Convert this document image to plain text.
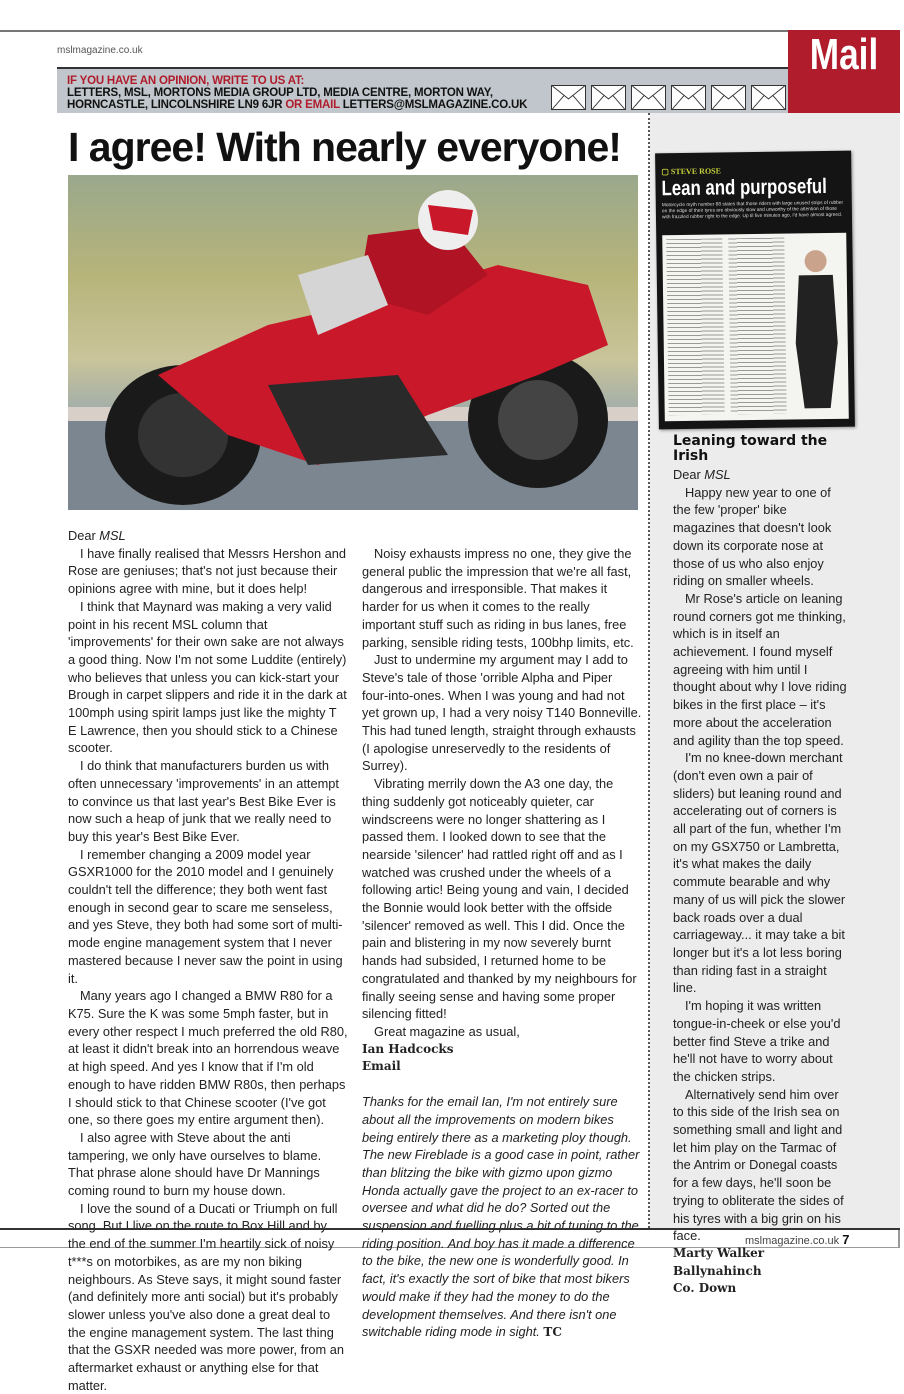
mslmagazine.co.uk
IF YOU HAVE AN OPINION, WRITE TO US AT:
LETTERS, MSL, MORTONS MEDIA GROUP LTD, MEDIA CENTRE, MORTON WAY,
HORNCASTLE, LINCOLNSHIRE LN9 6JR OR EMAIL LETTERS@MSLMAGAZINE.CO.UK
Mail
I agree! With nearly everyone!

Dear MSL

I have finally realised that Messrs Hershon and Rose are geniuses; that's not just because their opinions agree with mine, but it does help!

I think that Maynard was making a very valid point in his recent MSL column that 'improvements' for their own sake are not always a good thing. Now I'm not some Luddite (entirely) who believes that unless you can kick-start your Brough in carpet slippers and ride it in the dark at 100mph using spirit lamps just like the mighty T E Lawrence, then you should stick to a Chinese scooter.

I do think that manufacturers burden us with often unnecessary 'improvements' in an attempt to convince us that last year's Best Bike Ever is now such a heap of junk that we really need to buy this year's Best Bike Ever.

I remember changing a 2009 model year GSXR1000 for the 2010 model and I genuinely couldn't tell the difference; they both went fast enough in second gear to scare me senseless, and yes Steve, they both had some sort of multi-mode engine management system that I never mastered because I never saw the point in using it.

Many years ago I changed a BMW R80 for a K75. Sure the K was some 5mph faster, but in every other respect I much preferred the old R80, at least it didn't break into an horrendous weave at high speed. And yes I know that if I'm old enough to have ridden BMW R80s, then perhaps I should stick to that Chinese scooter (I've got one, so there goes my entire argument then).

I also agree with Steve about the anti tampering, we only have ourselves to blame. That phrase alone should have Dr Mannings coming round to burn my house down.

I love the sound of a Ducati or Triumph on full song. But I live on the route to Box Hill and by the end of the summer I'm heartily sick of noisy t***s on motorbikes, as are my non biking neighbours. As Steve says, it might sound faster (and definitely more anti social) but it's probably slower unless you've also done a great deal to the engine management system. The last thing that the GSXR needed was more power, from an aftermarket exhaust or anything else for that matter.

Noisy exhausts impress no one, they give the general public the impression that we're all fast, dangerous and irresponsible. That makes it harder for us when it comes to the really important stuff such as riding in bus lanes, free parking, sensible riding tests, 100bhp limits, etc.

Just to undermine my argument may I add to Steve's tale of those 'orrible Alpha and Piper four-into-ones. When I was young and had not yet grown up, I had a very noisy T140 Bonneville. This had tuned length, straight through exhausts (I apologise unreservedly to the residents of Surrey).

Vibrating merrily down the A3 one day, the thing suddenly got noticeably quieter, car windscreens were no longer shattering as I passed them. I looked down to see that the nearside 'silencer' had rattled right off and as I watched was crushed under the wheels of a following artic! Being young and vain, I decided the Bonnie would look better with the offside 'silencer' removed as well. This I did. Once the pain and blistering in my now severely burnt hands had subsided, I returned home to be congratulated and thanked by my neighbours for finally seeing sense and having some proper silencing fitted!

Great magazine as usual,

Ian Hadcocks
Email

Thanks for the email Ian, I'm not entirely sure about all the improvements on modern bikes being entirely there as a marketing ploy though. The new Fireblade is a good case in point, rather than blitzing the bike with gizmo upon gizmo Honda actually gave the project to an ex-racer to oversee and what did he do? Sorted out the suspension and fuelling plus a bit of tuning to the riding position. And boy has it made a difference to the bike, the new one is wonderfully good. In fact, it's exactly the sort of bike that most bikers would make if they had the money to do the development themselves. And there isn't one switchable riding mode in sight. TC

▢ STEVE ROSE
Lean and purposeful
Motorcycle myth number 88 states that those riders with large unused strips of rubber on the edge of their tyres are obviously slow and unworthy of the attention of those with frazzled rubber right to the edge. Up til five minutes ago, I'd have almost agreed.
Leaning toward the Irish

Dear MSL

Happy new year to one of the few 'proper' bike magazines that doesn't look down its corporate nose at those of us who also enjoy riding on smaller wheels.

Mr Rose's article on leaning round corners got me thinking, which is in itself an achievement. I found myself agreeing with him until I thought about why I love riding bikes in the first place – it's more about the acceleration and agility than the top speed.

I'm no knee-down merchant (don't even own a pair of sliders) but leaning round and accelerating out of corners is all part of the fun, whether I'm on my GSX750 or Lambretta, it's what makes the daily commute bearable and why many of us will pick the slower back roads over a dual carriageway... it may take a bit longer but it's a lot less boring than riding fast in a straight line.

I'm hoping it was written tongue-in-cheek or else you'd better find Steve a trike and he'll not have to worry about the chicken strips.

Alternatively send him over to this side of the Irish sea on something small and light and let him play on the Tarmac of the Antrim or Donegal coasts for a few days, he'll soon be trying to obliterate the sides of his tyres with a big grin on his face.

Marty Walker
Ballynahinch
Co. Down
mslmagazine.co.uk 7
